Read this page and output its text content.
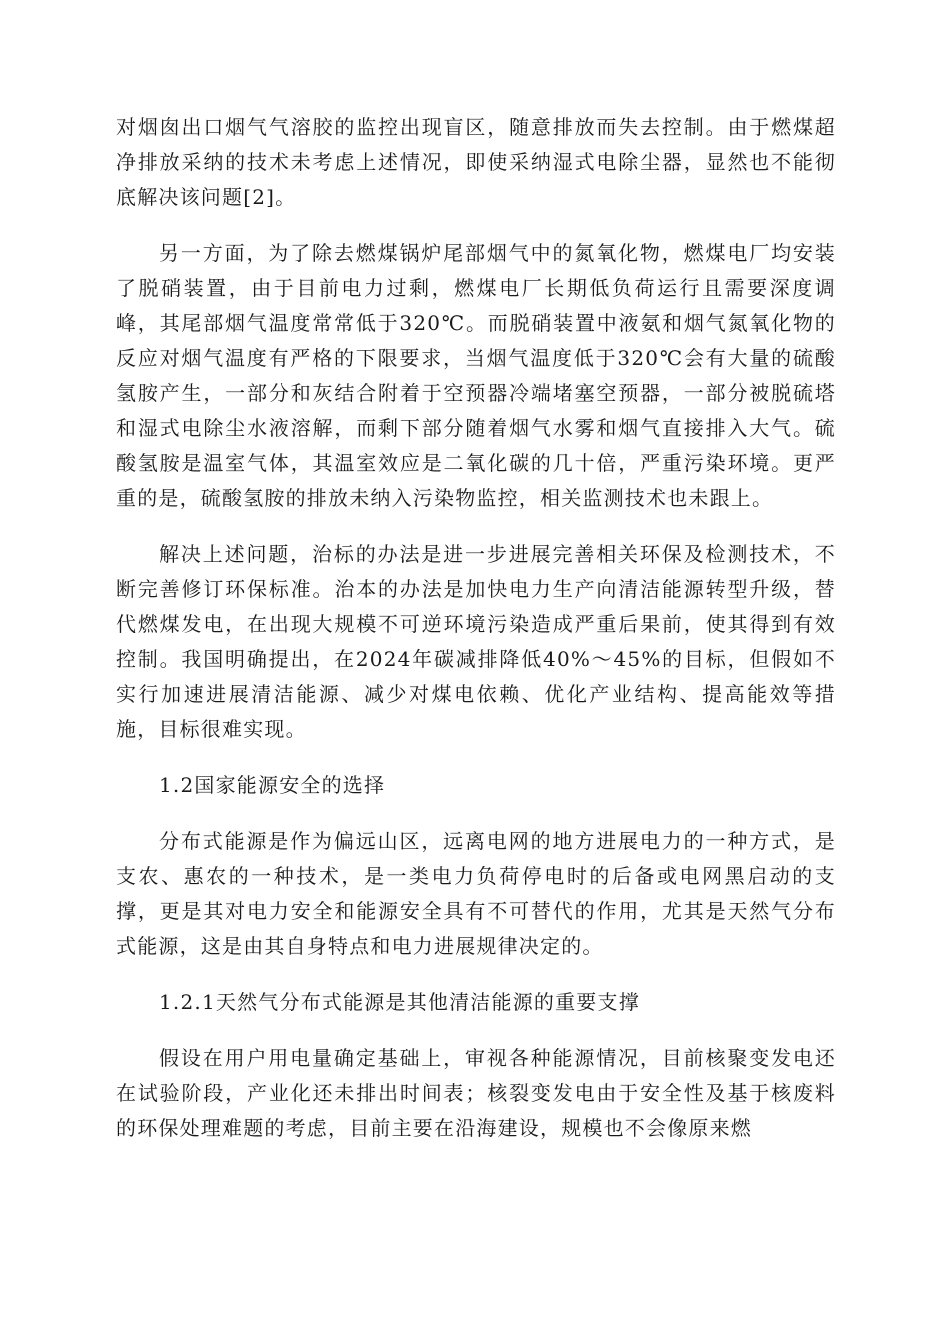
对烟囱出口烟气气溶胶的监控出现盲区，随意排放而失去控制。由于燃煤超净排放采纳的技术未考虑上述情况，即使采纳湿式电除尘器，显然也不能彻底解决该问题[2]。

另一方面，为了除去燃煤锅炉尾部烟气中的氮氧化物，燃煤电厂均安装了脱硝装置，由于目前电力过剩，燃煤电厂长期低负荷运行且需要深度调峰，其尾部烟气温度常常低于320℃。而脱硝装置中液氨和烟气氮氧化物的反应对烟气温度有严格的下限要求，当烟气温度低于320℃会有大量的硫酸氢胺产生，一部分和灰结合附着于空预器冷端堵塞空预器，一部分被脱硫塔和湿式电除尘水液溶解，而剩下部分随着烟气水雾和烟气直接排入大气。硫酸氢胺是温室气体，其温室效应是二氧化碳的几十倍，严重污染环境。更严重的是，硫酸氢胺的排放未纳入污染物监控，相关监测技术也未跟上。

解决上述问题，治标的办法是进一步进展完善相关环保及检测技术，不断完善修订环保标准。治本的办法是加快电力生产向清洁能源转型升级，替代燃煤发电，在出现大规模不可逆环境污染造成严重后果前，使其得到有效控制。我国明确提出，在2024年碳减排降低40%～45%的目标，但假如不实行加速进展清洁能源、减少对煤电依赖、优化产业结构、提高能效等措施，目标很难实现。

1.2国家能源安全的选择

分布式能源是作为偏远山区，远离电网的地方进展电力的一种方式，是支农、惠农的一种技术，是一类电力负荷停电时的后备或电网黑启动的支撑，更是其对电力安全和能源安全具有不可替代的作用，尤其是天然气分布式能源，这是由其自身特点和电力进展规律决定的。

1.2.1天然气分布式能源是其他清洁能源的重要支撑

假设在用户用电量确定基础上，审视各种能源情况，目前核聚变发电还在试验阶段，产业化还未排出时间表；核裂变发电由于安全性及基于核废料的环保处理难题的考虑，目前主要在沿海建设，规模也不会像原来燃
